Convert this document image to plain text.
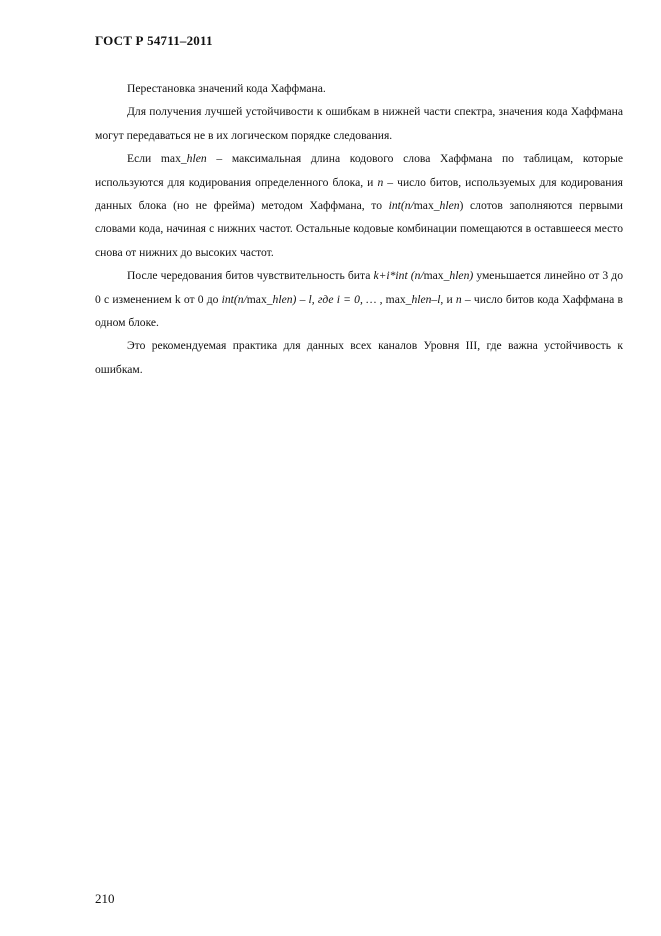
ГОСТ Р 54711–2011

Перестановка значений кода Хаффмана.

Для получения лучшей устойчивости к ошибкам в нижней части спектра, значения кода Хаффмана могут передаваться не в их логическом порядке следования.

Если max_hlen – максимальная длина кодового слова Хаффмана по таблицам, которые используются для кодирования определенного блока, и n – число битов, используемых для кодирования данных блока (но не фрейма) методом Хаффмана, то int(n/max_hlen) слотов заполняются первыми словами кода, начиная с нижних частот. Остальные кодовые комбинации помещаются в оставшееся место снова от нижних до высоких частот.

После чередования битов чувствительность бита k+i*int (n/max_hlen) уменьшается линейно от 3 до 0 с изменением k от 0 до int(n/max_hlen) – l, где i = 0, … , max_hlen–l, и n – число битов кода Хаффмана в одном блоке.

Это рекомендуемая практика для данных всех каналов Уровня III, где важна устойчивость к ошибкам.

210
